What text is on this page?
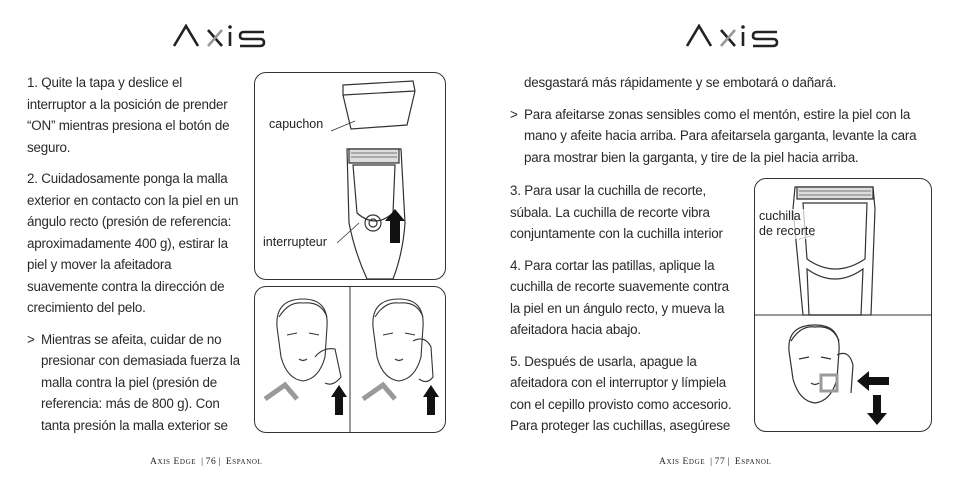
1. Quite la tapa y deslice el interruptor a la posición de prender “ON” mientras presiona el botón de seguro.

2. Cuidadosamente ponga la malla exterior en contacto con la piel en un ángulo recto (presión de referencia: aproximadamente 400 g), estirar la piel y mover la afeitadora suavemente contra la dirección de crecimiento del pelo.

> Mientras se afeita, cuidar de no presionar con demasiada fuerza la malla contra la piel (presión de referencia: más de 800 g). Con tanta presión la malla exterior se

capuchon
interrupteur
Axis Edge | 76 | Espanol

desgastará más rápidamente y se embotará o dañará.

> Para afeitarse zonas sensibles como el mentón, estire la piel con la mano y afeite hacia arriba. Para afeitarsela garganta, levante la cara para mostrar bien la garganta, y tire de la piel hacia arriba.

3. Para usar la cuchilla de recorte, súbala. La cuchilla de recorte vibra conjuntamente con la cuchilla interior

4. Para cortar las patillas, aplique la cuchilla de recorte suavemente contra la piel en un ángulo recto, y mueva la afeitadora hacia abajo.

5. Después de usarla, apague la afeitadora con el interruptor y límpiela con el cepillo provisto como accesorio. Para proteger las cuchillas, asegúrese

cuchilla
de recorte
Axis Edge | 77 | Espanol
